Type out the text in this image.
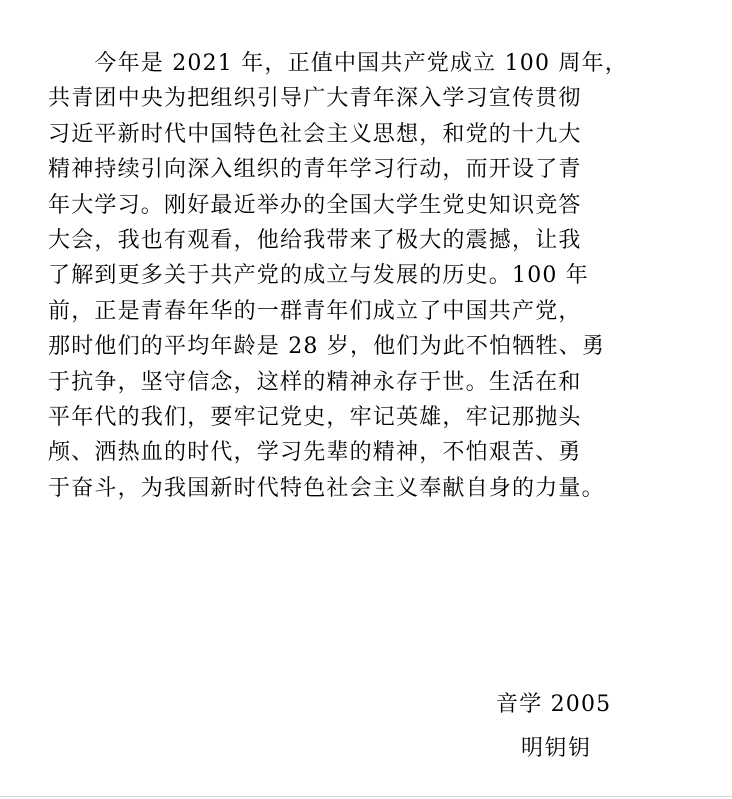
　　今年是 2021 年，正值中国共产党成立 100 周年，
共青团中央为把组织引导广大青年深入学习宣传贯彻
习近平新时代中国特色社会主义思想，和党的十九大
精神持续引向深入组织的青年学习行动，而开设了青
年大学习。刚好最近举办的全国大学生党史知识竞答
大会，我也有观看，他给我带来了极大的震撼，让我
了解到更多关于共产党的成立与发展的历史。100 年
前，正是青春年华的一群青年们成立了中国共产党，
那时他们的平均年龄是 28 岁，他们为此不怕牺牲、勇
于抗争，坚守信念，这样的精神永存于世。生活在和
平年代的我们，要牢记党史，牢记英雄，牢记那抛头
颅、洒热血的时代，学习先辈的精神，不怕艰苦、勇
于奋斗，为我国新时代特色社会主义奉献自身的力量。
音学 2005
明钥钥
